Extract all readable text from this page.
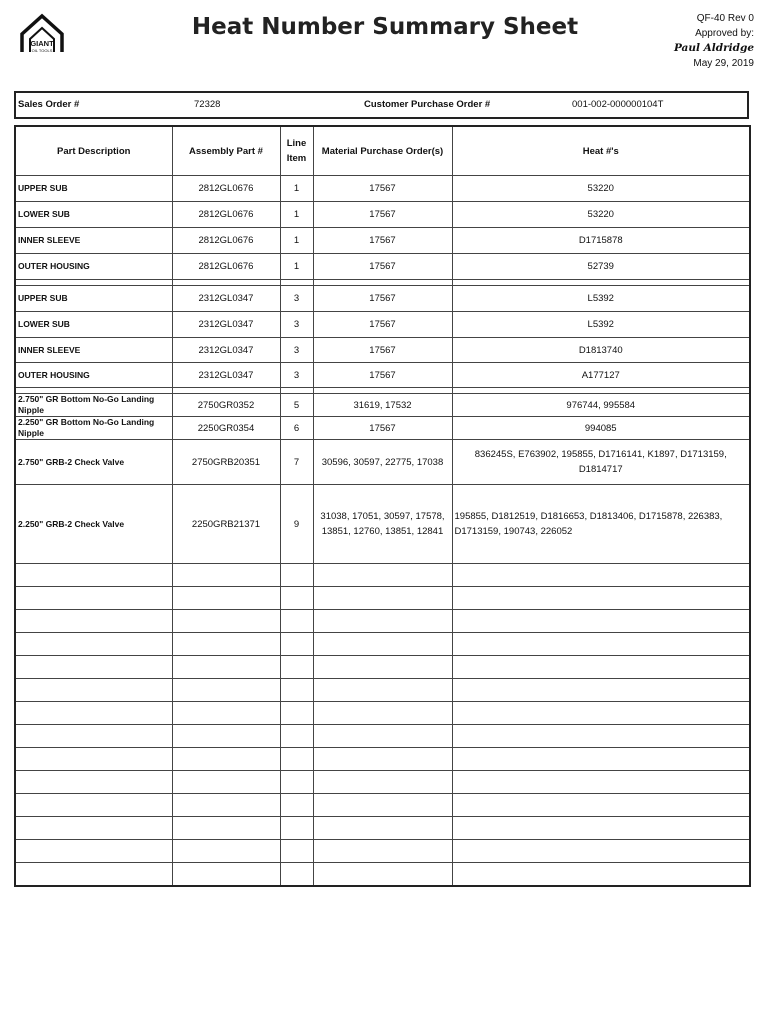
GIANT
OIL TOOLS
Heat Number Summary Sheet	QF-40 Rev 0
Approved by:
Paul Aldridge
May 29, 2019
Sales Order #	72328	Customer Purchase Order #	001-002-000000104T
Part Description	Assembly Part #	Line Item	Material Purchase Order(s)	Heat #'s
UPPER SUB	2812GL0676	1	17567	53220
LOWER SUB	2812GL0676	1	17567	53220
INNER SLEEVE	2812GL0676	1	17567	D1715878
OUTER HOUSING	2812GL0676	1	17567	52739

UPPER SUB	2312GL0347	3	17567	L5392
LOWER SUB	2312GL0347	3	17567	L5392
INNER SLEEVE	2312GL0347	3	17567	D1813740
OUTER HOUSING	2312GL0347	3	17567	A177127

2.750" GR Bottom No-Go Landing Nipple	2750GR0352	5	31619, 17532	976744, 995584
2.250" GR Bottom No-Go Landing Nipple	2250GR0354	6	17567	994085
2.750" GRB-2 Check Valve	2750GRB20351	7	30596, 30597, 22775, 17038	836245S, E763902, 195855, D1716141, K1897, D1713159, D1814717
2.250" GRB-2 Check Valve	2250GRB21371	9	31038, 17051, 30597, 17578, 13851, 12760, 13851, 12841	195855, D1812519, D1816653, D1813406, D1715878, 226383, D1713159, 190743, 226052
